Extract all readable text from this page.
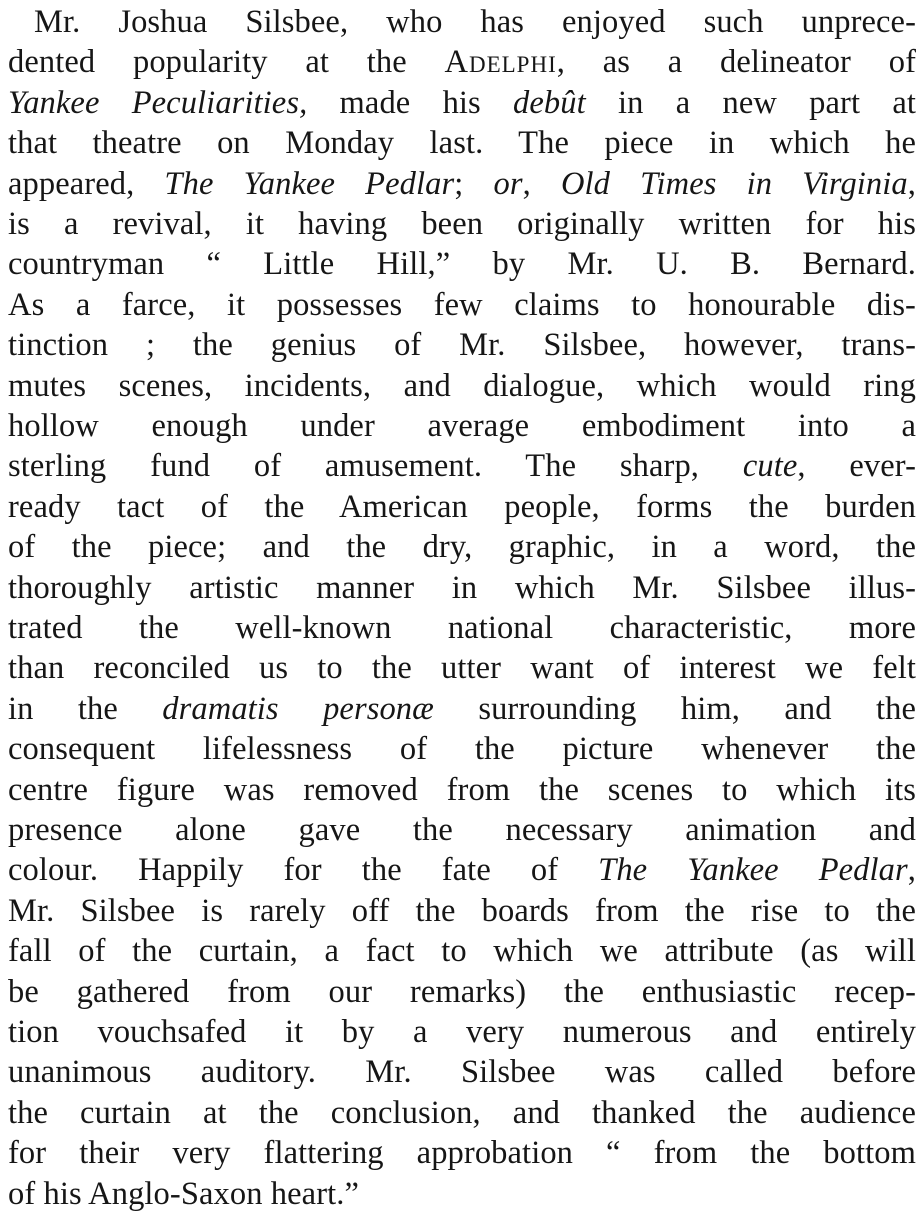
Mr. Joshua Silsbee, who has enjoyed such unprece-
dented popularity at the Adelphi, as a delineator of
Yankee Peculiarities, made his debût in a new part at
that theatre on Monday last. The piece in which he
appeared, The Yankee Pedlar; or, Old Times in Virginia,
is a revival, it having been originally written for his
countryman “ Little Hill,” by Mr. U. B. Bernard.
As a farce, it possesses few claims to honourable dis-
tinction ; the genius of Mr. Silsbee, however, trans-
mutes scenes, incidents, and dialogue, which would ring
hollow enough under average embodiment into a
sterling fund of amusement. The sharp, cute, ever-
ready tact of the American people, forms the burden
of the piece; and the dry, graphic, in a word, the
thoroughly artistic manner in which Mr. Silsbee illus-
trated the well-known national characteristic, more
than reconciled us to the utter want of interest we felt
in the dramatis personæ surrounding him, and the
consequent lifelessness of the picture whenever the
centre figure was removed from the scenes to which its
presence alone gave the necessary animation and
colour. Happily for the fate of The Yankee Pedlar,
Mr. Silsbee is rarely off the boards from the rise to the
fall of the curtain, a fact to which we attribute (as will
be gathered from our remarks) the enthusiastic recep-
tion vouchsafed it by a very numerous and entirely
unanimous auditory. Mr. Silsbee was called before
the curtain at the conclusion, and thanked the audience
for their very flattering approbation “ from the bottom
of his Anglo-Saxon heart.”
